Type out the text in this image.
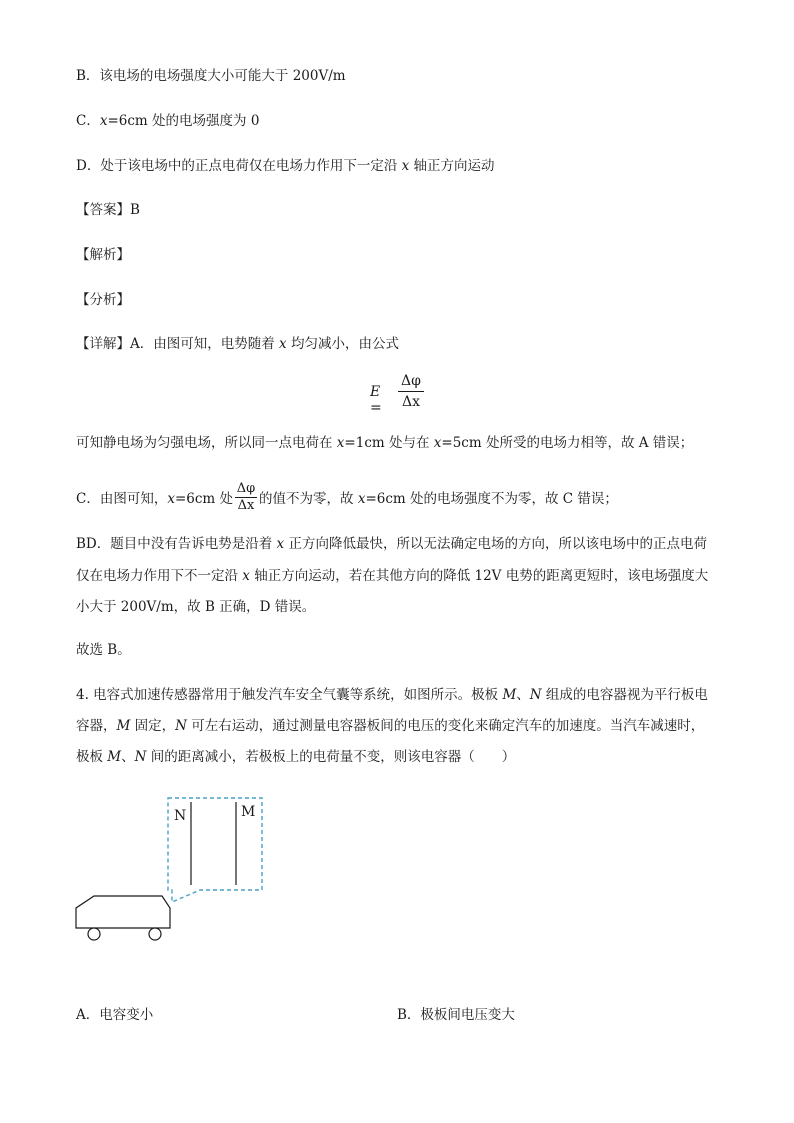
B．该电场的电场强度大小可能大于 200V/m
C．x=6cm 处的电场强度为 0
D．处于该电场中的正点电荷仅在电场力作用下一定沿 x 轴正方向运动
【答案】B
【解析】
【分析】
【详解】A．由图可知，电势随着 x 均匀减小，由公式
E =
Δφ
Δx
可知静电场为匀强电场，所以同一点电荷在 x=1cm 处与在 x=5cm 处所受的电场力相等，故 A 错误；
C．由图可知，x=6cm 处 $\frac{\Delta\varphi}{\Delta x}$ 的值不为零，故 x=6cm 处的电场强度不为零，故 C 错误；
BD．题目中没有告诉电势是沿着 x 正方向降低最快，所以无法确定电场的方向，所以该电场中的正点电荷
仅在电场力作用下不一定沿 x 轴正方向运动，若在其他方向的降低 12V 电势的距离更短时，该电场强度大
小大于 200V/m，故 B 正确，D 错误。
故选 B。
4. 电容式加速传感器常用于触发汽车安全气囊等系统，如图所示。极板 M、N 组成的电容器视为平行板电
容器，M 固定，N 可左右运动，通过测量电容器板间的电压的变化来确定汽车的加速度。当汽车减速时，
极板 M、N 间的距离减小，若极板上的电荷量不变，则该电容器（　　）
N	M
A．电容变小	B．极板间电压变大
